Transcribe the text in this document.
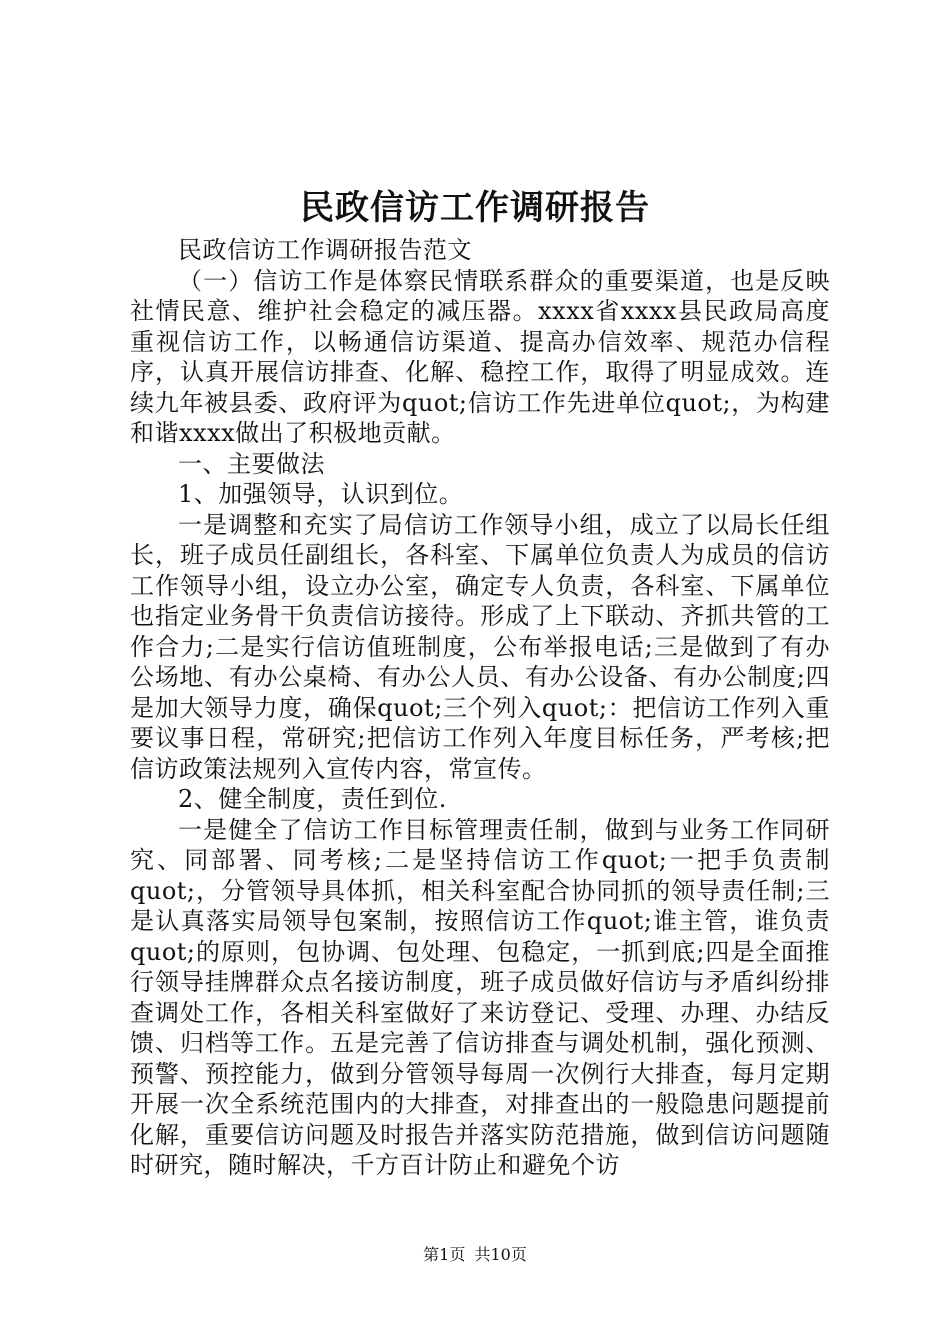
民政信访工作调研报告

民政信访工作调研报告范文

（一）信访工作是体察民情联系群众的重要渠道，也是反映社情民意、维护社会稳定的减压器。xxxx省xxxx县民政局高度重视信访工作，以畅通信访渠道、提高办信效率、规范办信程序，认真开展信访排查、化解、稳控工作，取得了明显成效。连续九年被县委、政府评为quot;信访工作先进单位quot;，为构建和谐xxxx做出了积极地贡献。

一、主要做法

1、加强领导，认识到位。

一是调整和充实了局信访工作领导小组，成立了以局长任组长，班子成员任副组长，各科室、下属单位负责人为成员的信访工作领导小组，设立办公室，确定专人负责，各科室、下属单位也指定业务骨干负责信访接待。形成了上下联动、齐抓共管的工作合力;二是实行信访值班制度，公布举报电话;三是做到了有办公场地、有办公桌椅、有办公人员、有办公设备、有办公制度;四是加大领导力度，确保quot;三个列入quot;：把信访工作列入重要议事日程，常研究;把信访工作列入年度目标任务，严考核;把信访政策法规列入宣传内容，常宣传。

2、健全制度，责任到位.

一是健全了信访工作目标管理责任制，做到与业务工作同研究、同部署、同考核;二是坚持信访工作quot;一把手负责制quot;，分管领导具体抓，相关科室配合协同抓的领导责任制;三是认真落实局领导包案制，按照信访工作quot;谁主管，谁负责quot;的原则，包协调、包处理、包稳定，一抓到底;四是全面推行领导挂牌群众点名接访制度，班子成员做好信访与矛盾纠纷排查调处工作，各相关科室做好了来访登记、受理、办理、办结反馈、归档等工作。五是完善了信访排查与调处机制，强化预测、预警、预控能力，做到分管领导每周一次例行大排查，每月定期开展一次全系统范围内的大排查，对排查出的一般隐患问题提前化解，重要信访问题及时报告并落实防范措施，做到信访问题随时研究，随时解决，千方百计防止和避免个访

第1页 共10页
